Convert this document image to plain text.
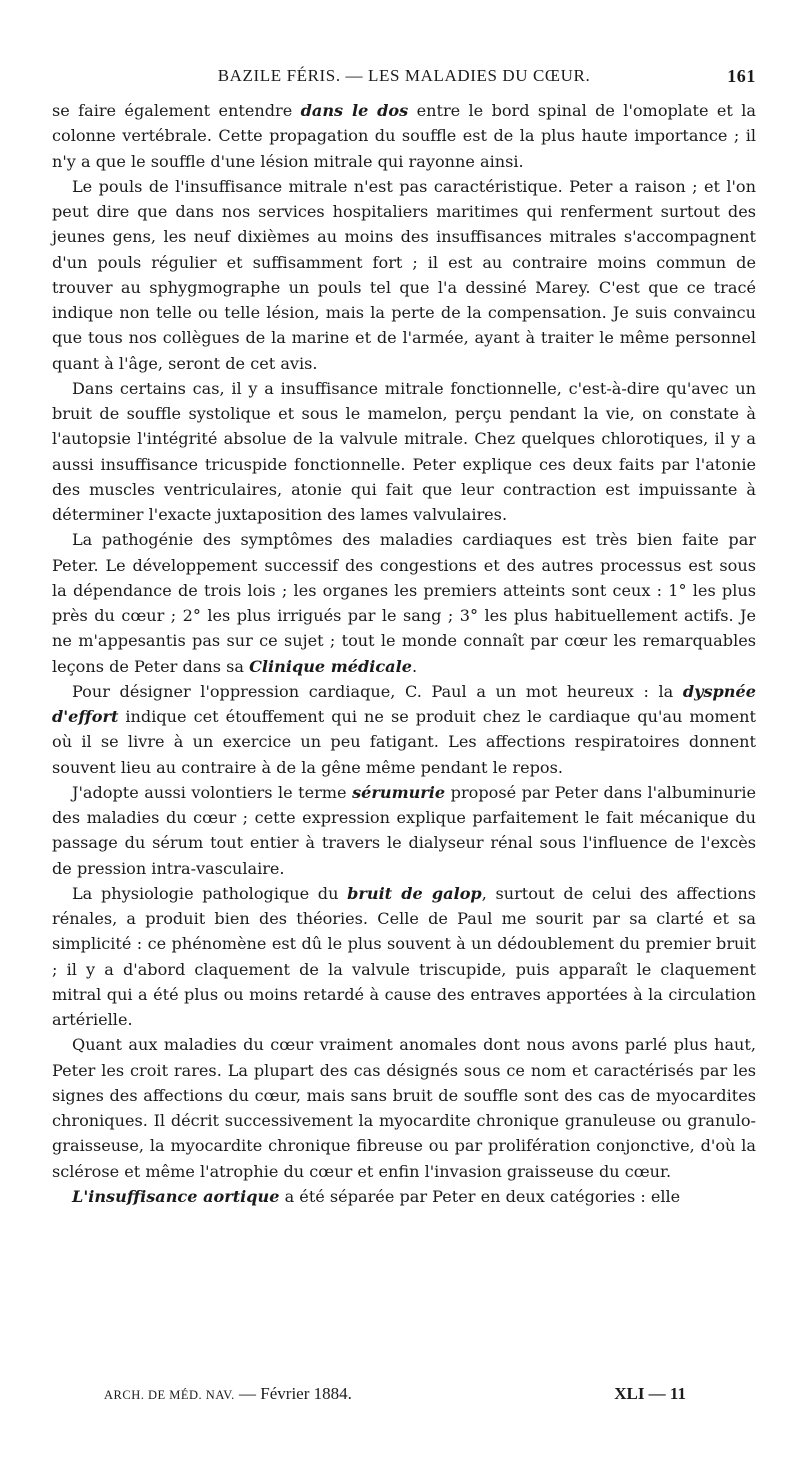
BAZILE FÉRIS. — LES MALADIES DU CŒUR.	161

se faire également entendre dans le dos entre le bord spinal de l'omoplate et la colonne vertébrale. Cette propagation du souffle est de la plus haute importance ; il n'y a que le souffle d'une lésion mitrale qui rayonne ainsi.

Le pouls de l'insuffisance mitrale n'est pas caractéristique. Peter a raison ; et l'on peut dire que dans nos services hospitaliers maritimes qui renferment surtout des jeunes gens, les neuf dixièmes au moins des insuffisances mitrales s'accompagnent d'un pouls régulier et suffisamment fort ; il est au contraire moins commun de trouver au sphygmographe un pouls tel que l'a dessiné Marey. C'est que ce tracé indique non telle ou telle lésion, mais la perte de la compensation. Je suis convaincu que tous nos collègues de la marine et de l'armée, ayant à traiter le même personnel quant à l'âge, seront de cet avis.

Dans certains cas, il y a insuffisance mitrale fonctionnelle, c'est-à-dire qu'avec un bruit de souffle systolique et sous le mamelon, perçu pendant la vie, on constate à l'autopsie l'intégrité absolue de la valvule mitrale. Chez quelques chlorotiques, il y a aussi insuffisance tricuspide fonctionnelle. Peter explique ces deux faits par l'atonie des muscles ventriculaires, atonie qui fait que leur contraction est impuissante à déterminer l'exacte juxtaposition des lames valvulaires.

La pathogénie des symptômes des maladies cardiaques est très bien faite par Peter. Le développement successif des congestions et des autres processus est sous la dépendance de trois lois ; les organes les premiers atteints sont ceux : 1° les plus près du cœur ; 2° les plus irrigués par le sang ; 3° les plus habituellement actifs. Je ne m'appesantis pas sur ce sujet ; tout le monde connaît par cœur les remarquables leçons de Peter dans sa Clinique médicale.

Pour désigner l'oppression cardiaque, C. Paul a un mot heureux : la dyspnée d'effort indique cet étouffement qui ne se produit chez le cardiaque qu'au moment où il se livre à un exercice un peu fatigant. Les affections respiratoires donnent souvent lieu au contraire à de la gêne même pendant le repos.

J'adopte aussi volontiers le terme sérumurie proposé par Peter dans l'albuminurie des maladies du cœur ; cette expression explique parfaitement le fait mécanique du passage du sérum tout entier à travers le dialyseur rénal sous l'influence de l'excès de pression intra-vasculaire.

La physiologie pathologique du bruit de galop, surtout de celui des affections rénales, a produit bien des théories. Celle de Paul me sourit par sa clarté et sa simplicité : ce phénomène est dû le plus souvent à un dédoublement du premier bruit ; il y a d'abord claquement de la valvule triscupide, puis apparaît le claquement mitral qui a été plus ou moins retardé à cause des entraves apportées à la circulation artérielle.

Quant aux maladies du cœur vraiment anomales dont nous avons parlé plus haut, Peter les croit rares. La plupart des cas désignés sous ce nom et caractérisés par les signes des affections du cœur, mais sans bruit de souffle sont des cas de myocardites chroniques. Il décrit successivement la myocardite chronique granuleuse ou granulo-graisseuse, la myocardite chronique fibreuse ou par prolifération conjonctive, d'où la sclérose et même l'atrophie du cœur et enfin l'invasion graisseuse du cœur.

L'insuffisance aortique a été séparée par Peter en deux catégories : elle

ARCH. DE MÉD. NAV. — Février 1884.	XLI — 11
